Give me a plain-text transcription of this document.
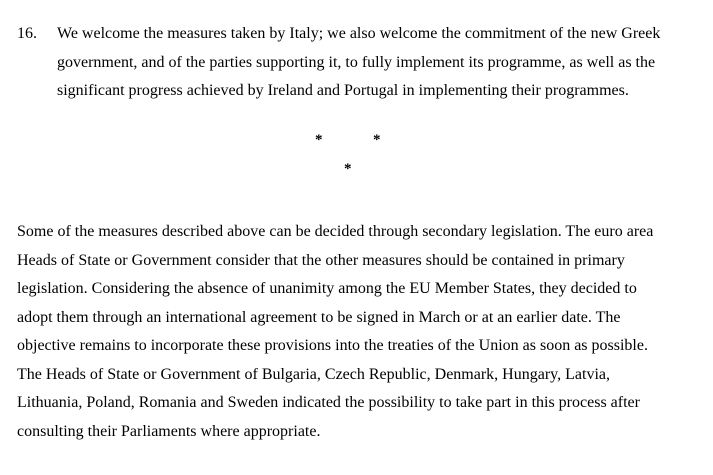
16.	We welcome the measures taken by Italy; we also welcome the commitment of the new Greek
government, and of the parties supporting it, to fully implement its programme, as well as the
significant progress achieved by Ireland and Portugal in implementing their programmes.
*	*
*
Some of the measures described above can be decided through secondary legislation. The euro area
Heads of State or Government consider that the other measures should be contained in primary
legislation. Considering the absence of unanimity among the EU Member States, they decided to
adopt them through an international agreement to be signed in March or at an earlier date. The
objective remains to incorporate these provisions into the treaties of the Union as soon as possible.
The Heads of State or Government of Bulgaria, Czech Republic, Denmark, Hungary, Latvia,
Lithuania, Poland, Romania and Sweden indicated the possibility to take part in this process after
consulting their Parliaments where appropriate.
